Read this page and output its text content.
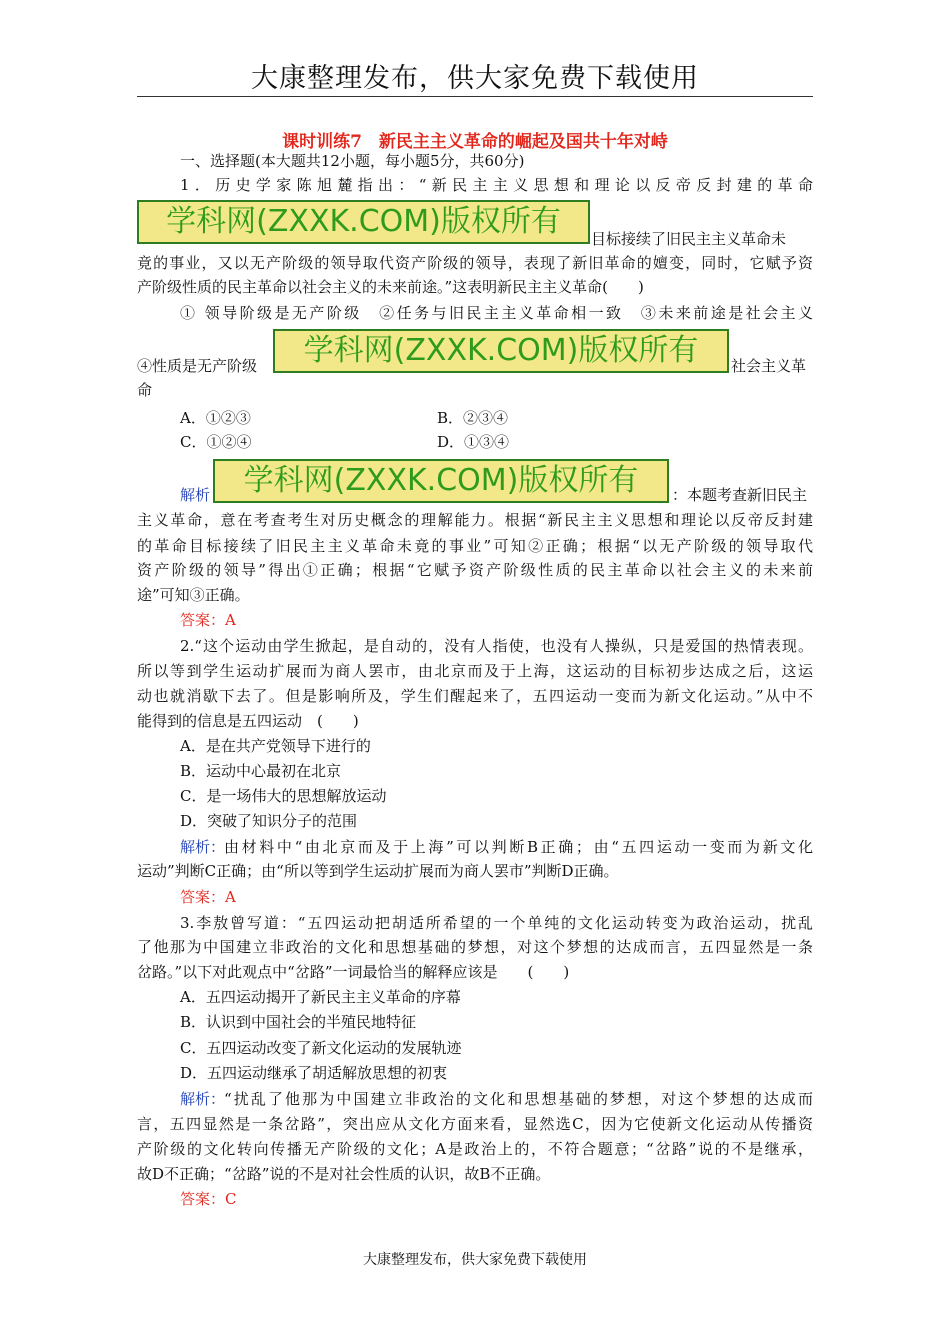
大康整理发布，供大家免费下载使用
课时训练7　新民主主义革命的崛起及国共十年对峙
一、选择题(本大题共12小题，每小题5分，共60分)
1．历史学家陈旭麓指出：“新民主主义思想和理论以反帝反封建的革命
学科网(ZXXK.COM)版权所有	目标接续了旧民主主义革命未
竟的事业，又以无产阶级的领导取代资产阶级的领导，表现了新旧革命的嬗变，同时，它赋予资
产阶级性质的民主革命以社会主义的未来前途。”这表明新民主主义革命(　　)
① 领导阶级是无产阶级　②任务与旧民主主义革命相一致　③未来前途是社会主义
④性质是无产阶级	学科网(ZXXK.COM)版权所有	社会主义革
命
A．①②③	B．②③④
C．①②④	D．①③④
解析	学科网(ZXXK.COM)版权所有	：本题考查新旧民主
主义革命，意在考查考生对历史概念的理解能力。根据“新民主主义思想和理论以反帝反封建
的革命目标接续了旧民主主义革命未竟的事业”可知②正确；根据“以无产阶级的领导取代
资产阶级的领导”得出①正确；根据“它赋予资产阶级性质的民主革命以社会主义的未来前
途”可知③正确。
答案：A
2.“这个运动由学生掀起，是自动的，没有人指使，也没有人操纵，只是爱国的热情表现。
所以等到学生运动扩展而为商人罢市，由北京而及于上海，这运动的目标初步达成之后，这运
动也就消歇下去了。但是影响所及，学生们醒起来了，五四运动一变而为新文化运动。”从中不
能得到的信息是五四运动　(　　)
A．是在共产党领导下进行的
B．运动中心最初在北京
C．是一场伟大的思想解放运动
D．突破了知识分子的范围
解析：
由材料中“由北京而及于上海”可以判断B正确；由“五四运动一变而为新文化
运动”判断C正确；由“所以等到学生运动扩展而为商人罢市”判断D正确。
答案：A
3.李敖曾写道：“五四运动把胡适所希望的一个单纯的文化运动转变为政治运动，扰乱
了他那为中国建立非政治的文化和思想基础的梦想，对这个梦想的达成而言，五四显然是一条
岔路。”以下对此观点中“岔路”一词最恰当的解释应该是　　(　　)
A．五四运动揭开了新民主主义革命的序幕
B．认识到中国社会的半殖民地特征
C．五四运动改变了新文化运动的发展轨迹
D．五四运动继承了胡适解放思想的初衷
解析：
“扰乱了他那为中国建立非政治的文化和思想基础的梦想，对这个梦想的达成而
言，五四显然是一条岔路”，突出应从文化方面来看，显然选C，因为它使新文化运动从传播资
产阶级的文化转向传播无产阶级的文化；A是政治上的，不符合题意；“岔路”说的不是继承，
故D不正确；“岔路”说的不是对社会性质的认识，故B不正确。
答案：C
大康整理发布，供大家免费下载使用
